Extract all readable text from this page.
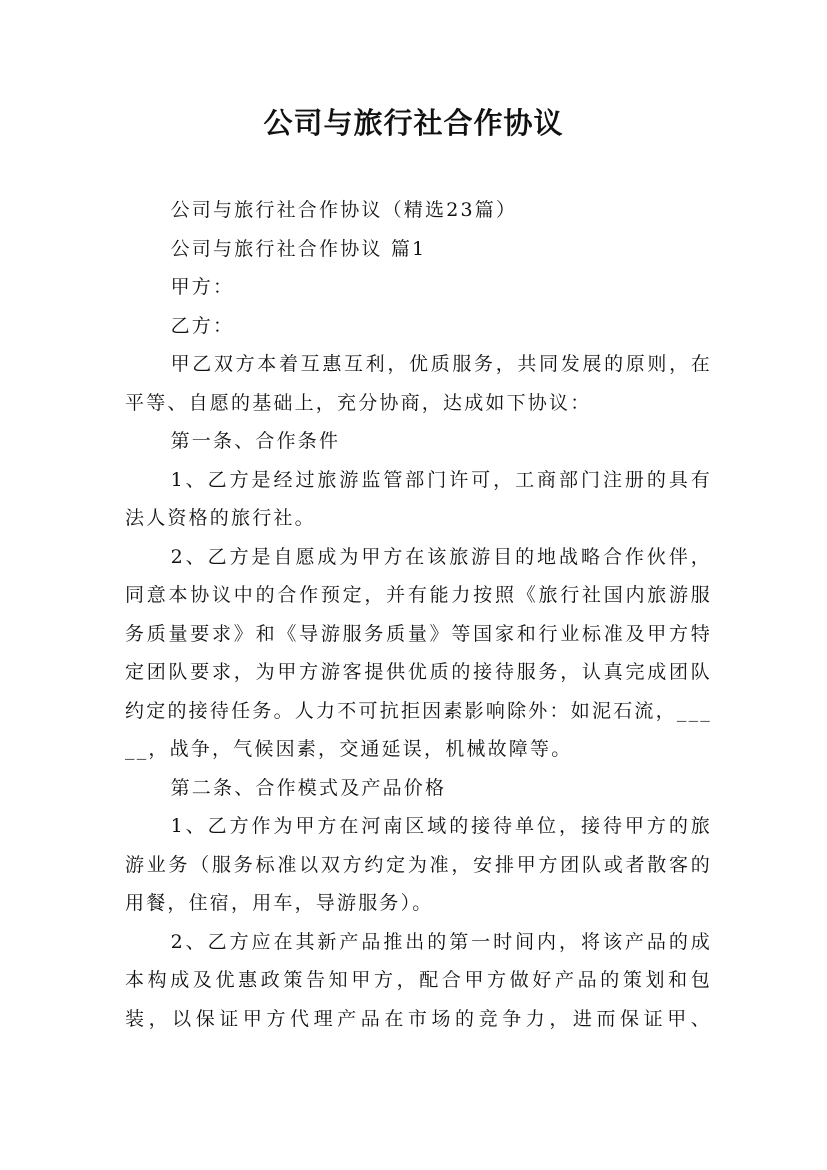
公司与旅行社合作协议

公司与旅行社合作协议（精选23篇）

公司与旅行社合作协议 篇1

甲方：

乙方：

甲乙双方本着互惠互利，优质服务，共同发展的原则，在平等、自愿的基础上，充分协商，达成如下协议：

第一条、合作条件

1、乙方是经过旅游监管部门许可，工商部门注册的具有法人资格的旅行社。

2、乙方是自愿成为甲方在该旅游目的地战略合作伙伴，同意本协议中的合作预定，并有能力按照《旅行社国内旅游服务质量要求》和《导游服务质量》等国家和行业标准及甲方特定团队要求，为甲方游客提供优质的接待服务，认真完成团队约定的接待任务。人力不可抗拒因素影响除外：如泥石流，_____，战争，气候因素，交通延误，机械故障等。

第二条、合作模式及产品价格

1、乙方作为甲方在河南区域的接待单位，接待甲方的旅游业务（服务标准以双方约定为准，安排甲方团队或者散客的用餐，住宿，用车，导游服务）。

2、乙方应在其新产品推出的第一时间内，将该产品的成本构成及优惠政策告知甲方，配合甲方做好产品的策划和包装，以保证甲方代理产品在市场的竞争力，进而保证甲、
